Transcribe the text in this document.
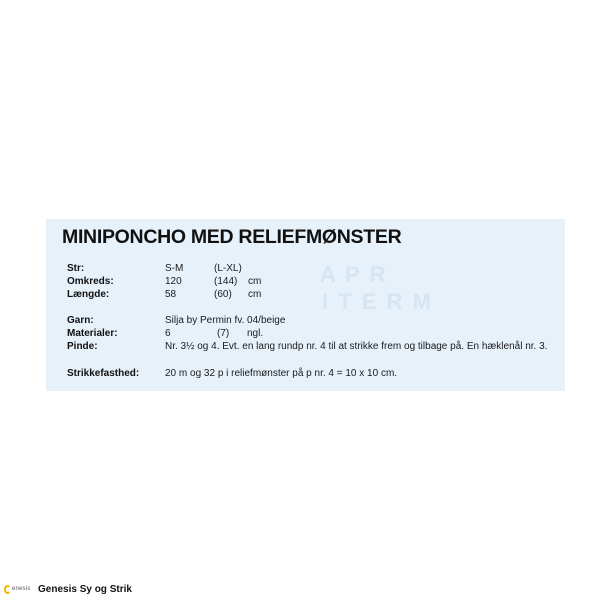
A P R
I T E R M
MINIPONCHO MED RELIEFMØNSTER
Str:	S-M	(L-XL)
Omkreds:	120	(144) cm
Længde:	58	(60) cm
Garn:	Silja by Permin fv. 04/beige
Materialer:	6	(7) ngl.
Pinde:	Nr. 3½ og 4. Evt. en lang rundp nr. 4 til at strikke frem og tilbage på. En hæklenål nr. 3.
Strikkefasthed:	20 m og 32 p i reliefmønster på p nr. 4 = 10 x 10 cm.
enesis Genesis Sy og Strik
